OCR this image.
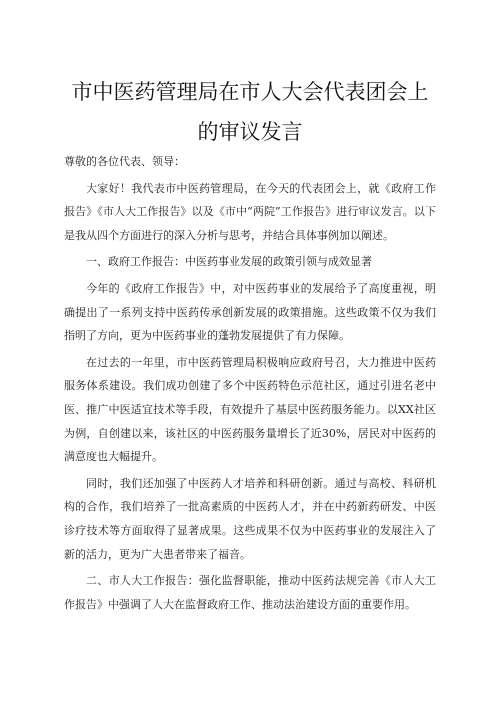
市中医药管理局在市人大会代表团会上
的审议发言

尊敬的各位代表、领导：

大家好！我代表市中医药管理局，在今天的代表团会上，就《政府工作报告》《市人大工作报告》以及《市中“两院”工作报告》进行审议发言。以下是我从四个方面进行的深入分析与思考，并结合具体事例加以阐述。

一、政府工作报告：中医药事业发展的政策引领与成效显著

今年的《政府工作报告》中，对中医药事业的发展给予了高度重视，明确提出了一系列支持中医药传承创新发展的政策措施。这些政策不仅为我们指明了方向，更为中医药事业的蓬勃发展提供了有力保障。

在过去的一年里，市中医药管理局积极响应政府号召，大力推进中医药服务体系建设。我们成功创建了多个中医药特色示范社区，通过引进名老中医、推广中医适宜技术等手段，有效提升了基层中医药服务能力。以XX社区为例，自创建以来，该社区的中医药服务量增长了近30%，居民对中医药的满意度也大幅提升。

同时，我们还加强了中医药人才培养和科研创新。通过与高校、科研机构的合作，我们培养了一批高素质的中医药人才，并在中药新药研发、中医诊疗技术等方面取得了显著成果。这些成果不仅为中医药事业的发展注入了新的活力，更为广大患者带来了福音。

二、市人大工作报告：强化监督职能，推动中医药法规完善《市人大工作报告》中强调了人大在监督政府工作、推动法治建设方面的重要作用。
